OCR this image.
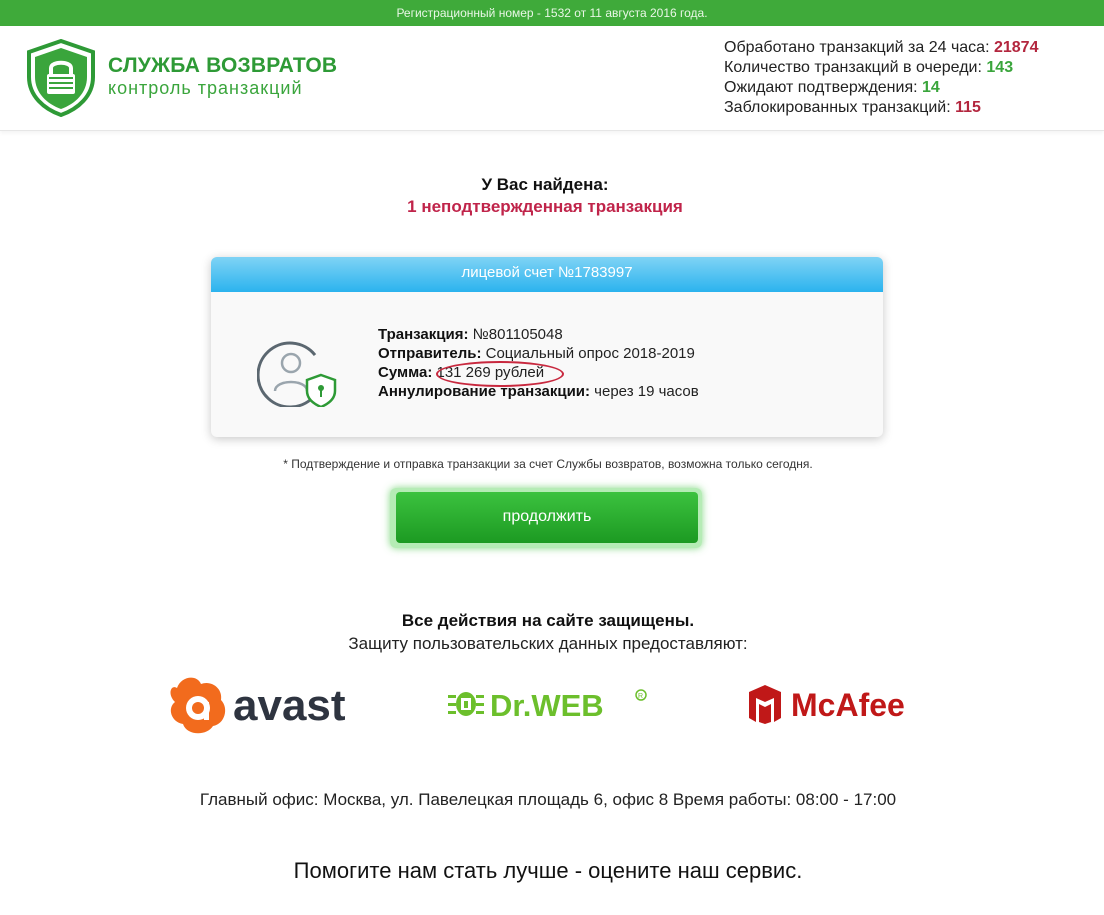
Регистрационный номер - 1532 от 11 августа 2016 года.
СЛУЖБА ВОЗВРАТОВ
контроль транзакций
Обработано транзакций за 24 часа: 21874
Количество транзакций в очереди: 143
Ожидают подтверждения: 14
Заблокированных транзакций: 115
У Вас найдена:
1 неподтвержденная транзакция
лицевой счет №1783997
Транзакция: №801105048
Отправитель: Социальный опрос 2018-2019
Сумма: 131 269 рублей
Аннулирование транзакции: через 19 часов
* Подтверждение и отправка транзакции за счет Службы возвратов, возможна только сегодня.
продолжить
Все действия на сайте защищены.
Защиту пользовательских данных предоставляют:
avast	Dr.WEB	R	McAfee
Главный офис: Москва, ул. Павелецкая площадь 6, офис 8 Время работы: 08:00 - 17:00
Помогите нам стать лучше - оцените наш сервис.
